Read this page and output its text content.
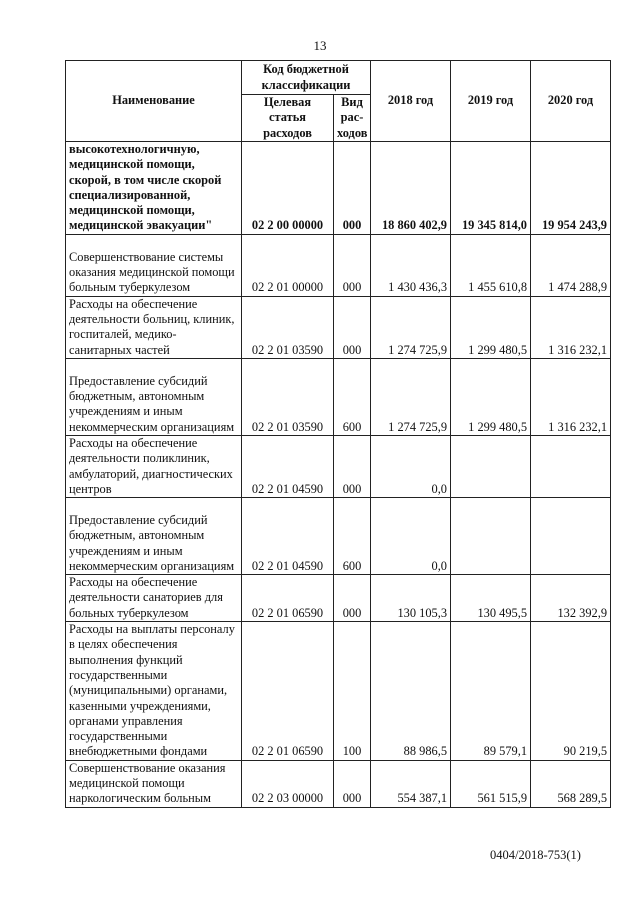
13
Наименование	Код бюджетной классификации		2018 год	2019 год	2020 год
	Целевая статья расходов	Вид рас-ходов			
высокотехнологичную, медицинской помощи, скорой, в том числе скорой специализированной, медицинской помощи, медицинской эвакуации"	02 2 00 00000	000	18 860 402,9	19 345 814,0	19 954 243,9
Совершенствование системы оказания медицинской помощи больным туберкулезом	02 2 01 00000	000	1 430 436,3	1 455 610,8	1 474 288,9
Расходы на обеспечение деятельности больниц, клиник, госпиталей, медико-санитарных частей	02 2 01 03590	000	1 274 725,9	1 299 480,5	1 316 232,1
Предоставление субсидий бюджетным, автономным учреждениям и иным некоммерческим организациям	02 2 01 03590	600	1 274 725,9	1 299 480,5	1 316 232,1
Расходы на обеспечение деятельности поликлиник, амбулаторий, диагностических центров	02 2 01 04590	000	0,0		
Предоставление субсидий бюджетным, автономным учреждениям и иным некоммерческим организациям	02 2 01 04590	600	0,0		
Расходы на обеспечение деятельности санаториев для больных туберкулезом	02 2 01 06590	000	130 105,3	130 495,5	132 392,9
Расходы на выплаты персоналу в целях обеспечения выполнения функций государственными (муниципальными) органами, казенными учреждениями, органами управления государственными внебюджетными фондами	02 2 01 06590	100	88 986,5	89 579,1	90 219,5
Совершенствование оказания медицинской помощи наркологическим больным	02 2 03 00000	000	554 387,1	561 515,9	568 289,5
0404/2018-753(1)
